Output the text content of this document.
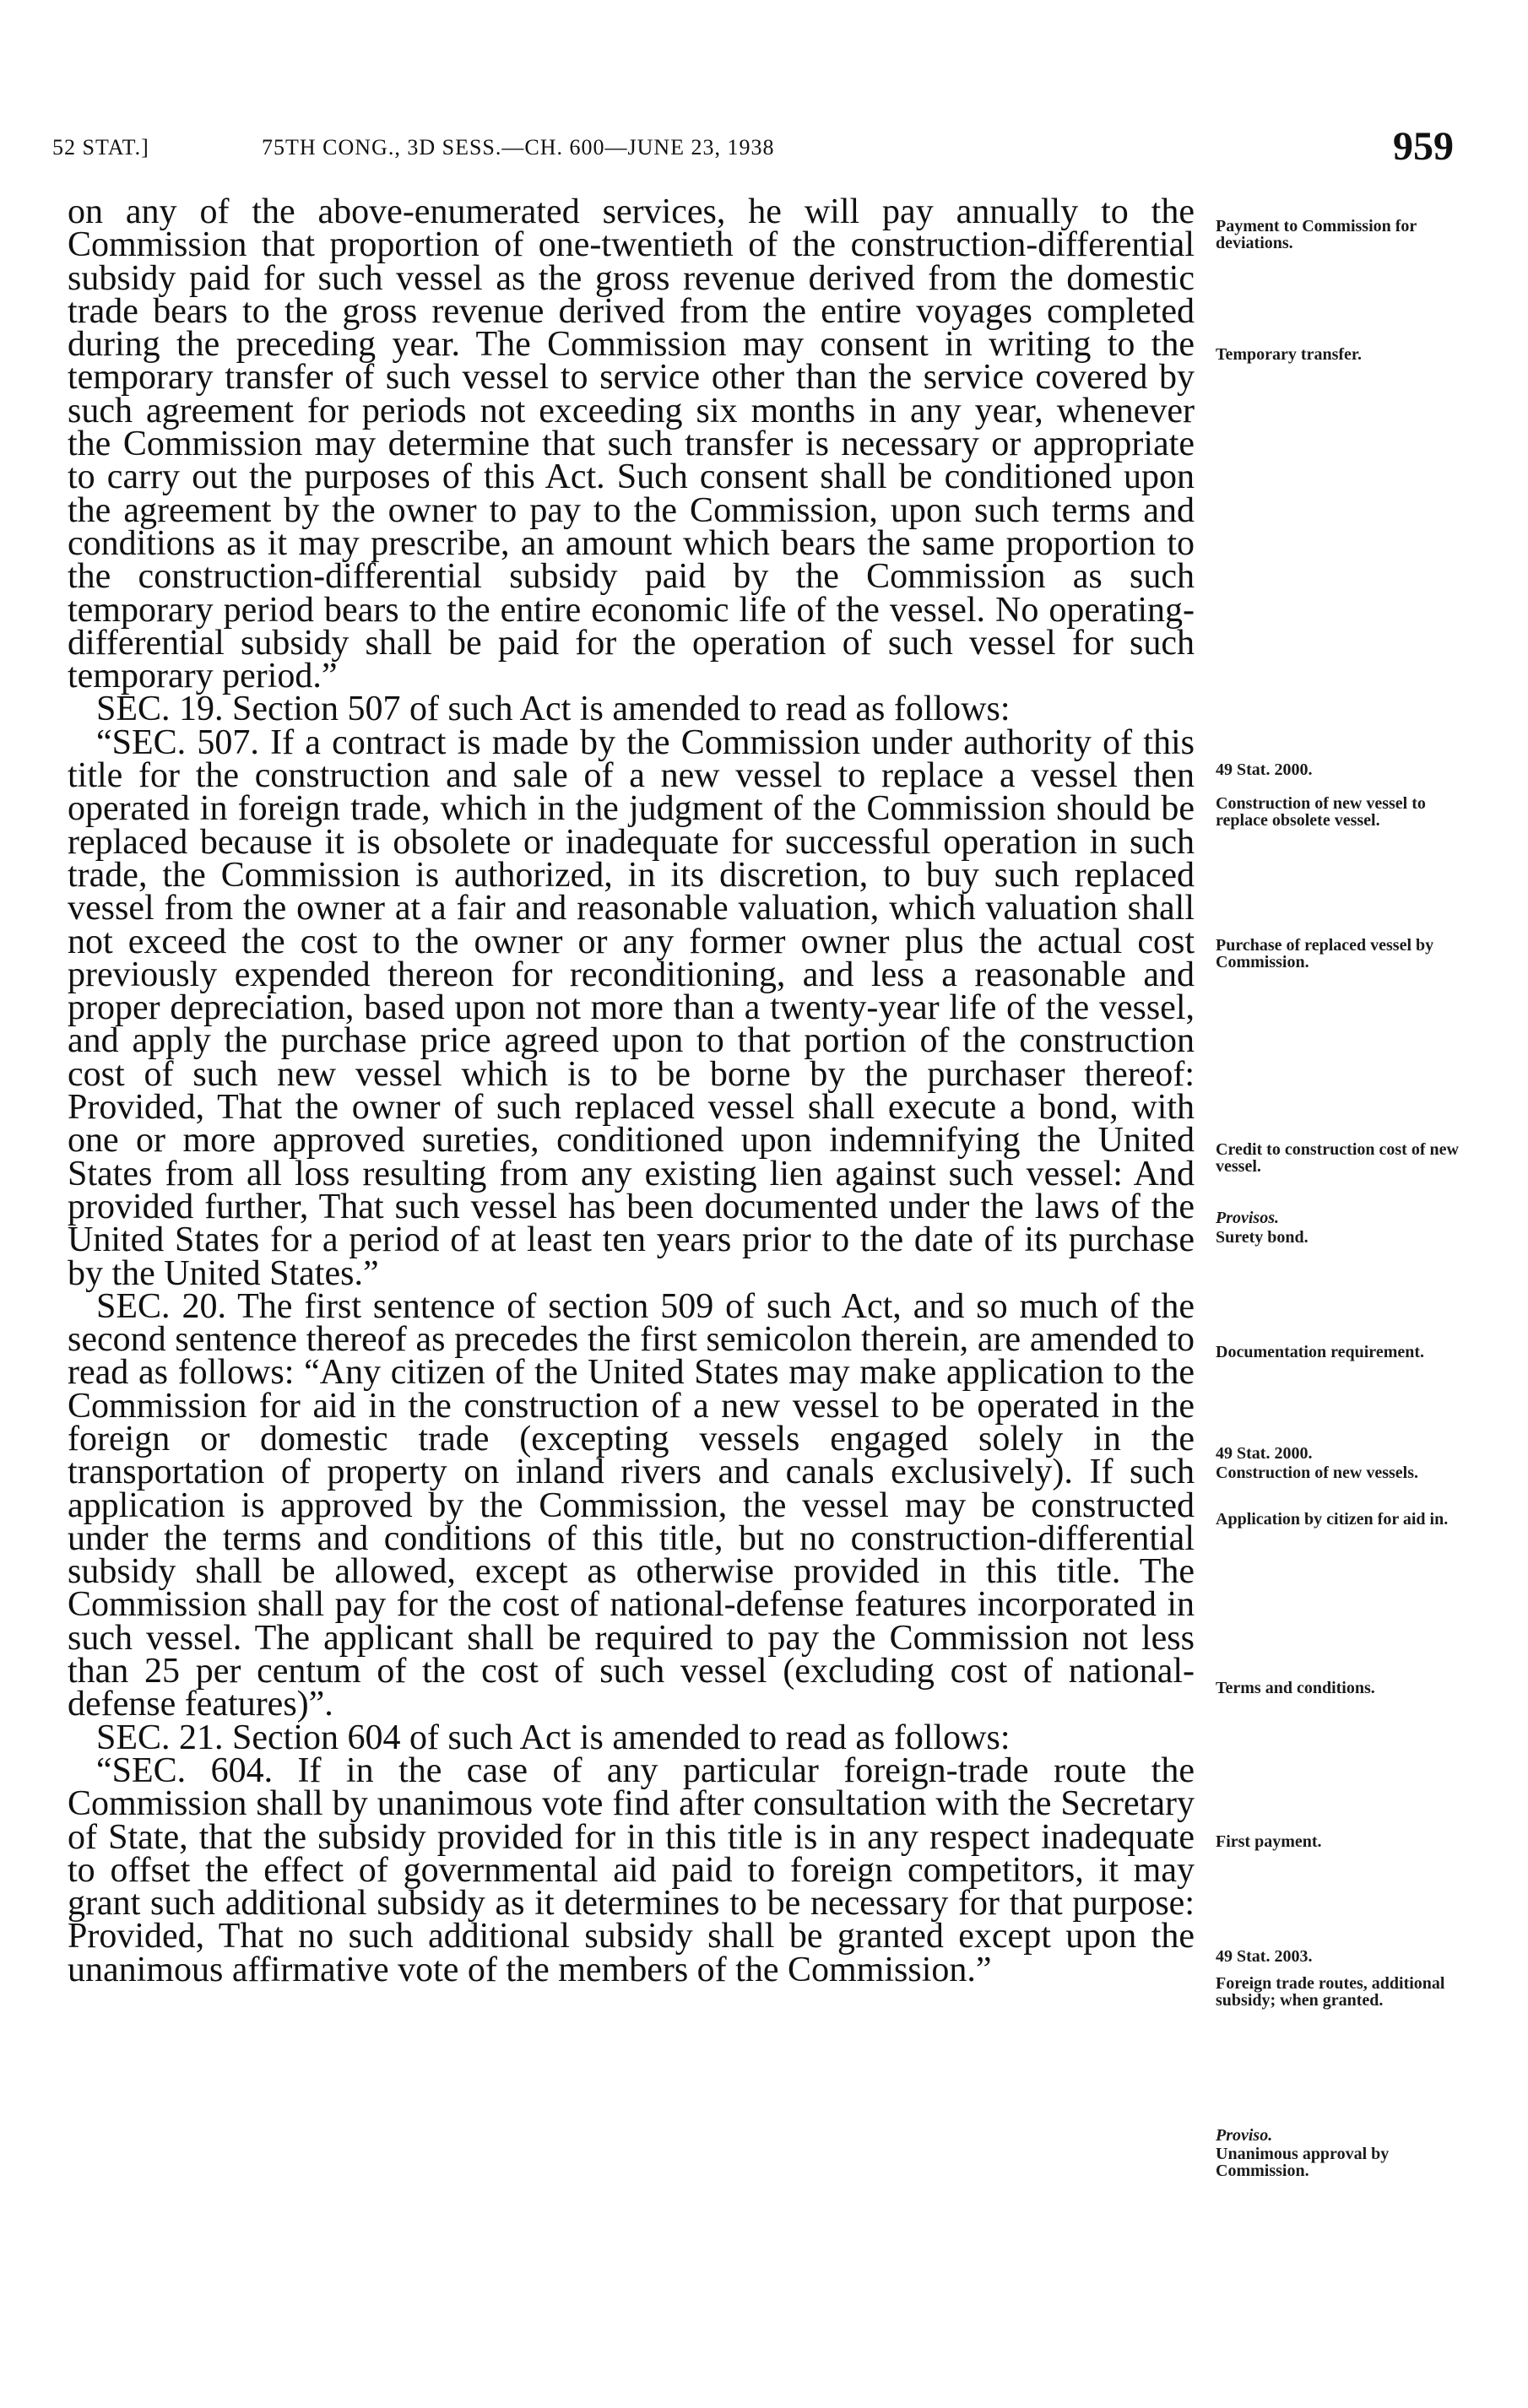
52 STAT.]	75TH CONG., 3D SESS.—CH. 600—JUNE 23, 1938	959

on any of the above-enumerated services, he will pay annually to the Commission that proportion of one-twentieth of the construction-differential subsidy paid for such vessel as the gross revenue derived from the domestic trade bears to the gross revenue derived from the entire voyages completed during the preceding year. The Commission may consent in writing to the temporary transfer of such vessel to service other than the service covered by such agreement for periods not exceeding six months in any year, whenever the Commission may determine that such transfer is necessary or appropriate to carry out the purposes of this Act. Such consent shall be conditioned upon the agreement by the owner to pay to the Commission, upon such terms and conditions as it may prescribe, an amount which bears the same proportion to the construction-differential subsidy paid by the Commission as such temporary period bears to the entire economic life of the vessel. No operating-differential subsidy shall be paid for the operation of such vessel for such temporary period.”

SEC. 19. Section 507 of such Act is amended to read as follows:

“SEC. 507. If a contract is made by the Commission under authority of this title for the construction and sale of a new vessel to replace a vessel then operated in foreign trade, which in the judgment of the Commission should be replaced because it is obsolete or inadequate for successful operation in such trade, the Commission is authorized, in its discretion, to buy such replaced vessel from the owner at a fair and reasonable valuation, which valuation shall not exceed the cost to the owner or any former owner plus the actual cost previously expended thereon for reconditioning, and less a reasonable and proper depreciation, based upon not more than a twenty-year life of the vessel, and apply the purchase price agreed upon to that portion of the construction cost of such new vessel which is to be borne by the purchaser thereof: Provided, That the owner of such replaced vessel shall execute a bond, with one or more approved sureties, conditioned upon indemnifying the United States from all loss resulting from any existing lien against such vessel: And provided further, That such vessel has been documented under the laws of the United States for a period of at least ten years prior to the date of its purchase by the United States.”

SEC. 20. The first sentence of section 509 of such Act, and so much of the second sentence thereof as precedes the first semicolon therein, are amended to read as follows: “Any citizen of the United States may make application to the Commission for aid in the construction of a new vessel to be operated in the foreign or domestic trade (excepting vessels engaged solely in the transportation of property on inland rivers and canals exclusively). If such application is approved by the Commission, the vessel may be constructed under the terms and conditions of this title, but no construction-differential subsidy shall be allowed, except as otherwise provided in this title. The Commission shall pay for the cost of national-defense features incorporated in such vessel. The applicant shall be required to pay the Commission not less than 25 per centum of the cost of such vessel (excluding cost of national-defense features)”.

SEC. 21. Section 604 of such Act is amended to read as follows:

“SEC. 604. If in the case of any particular foreign-trade route the Commission shall by unanimous vote find after consultation with the Secretary of State, that the subsidy provided for in this title is in any respect inadequate to offset the effect of governmental aid paid to foreign competitors, it may grant such additional subsidy as it determines to be necessary for that purpose: Provided, That no such additional subsidy shall be granted except upon the unanimous affirmative vote of the members of the Commission.”

Payment to Commission for deviations.
Temporary transfer.
49 Stat. 2000.
Construction of new vessel to replace obsolete vessel.
Purchase of replaced vessel by Commission.
Credit to construction cost of new vessel.
Provisos.
Surety bond.
Documentation requirement.
49 Stat. 2000.
Construction of new vessels.
Application by citizen for aid in.
Terms and conditions.
First payment.
49 Stat. 2003.
Foreign trade routes, additional subsidy; when granted.
Proviso.
Unanimous approval by Commission.
